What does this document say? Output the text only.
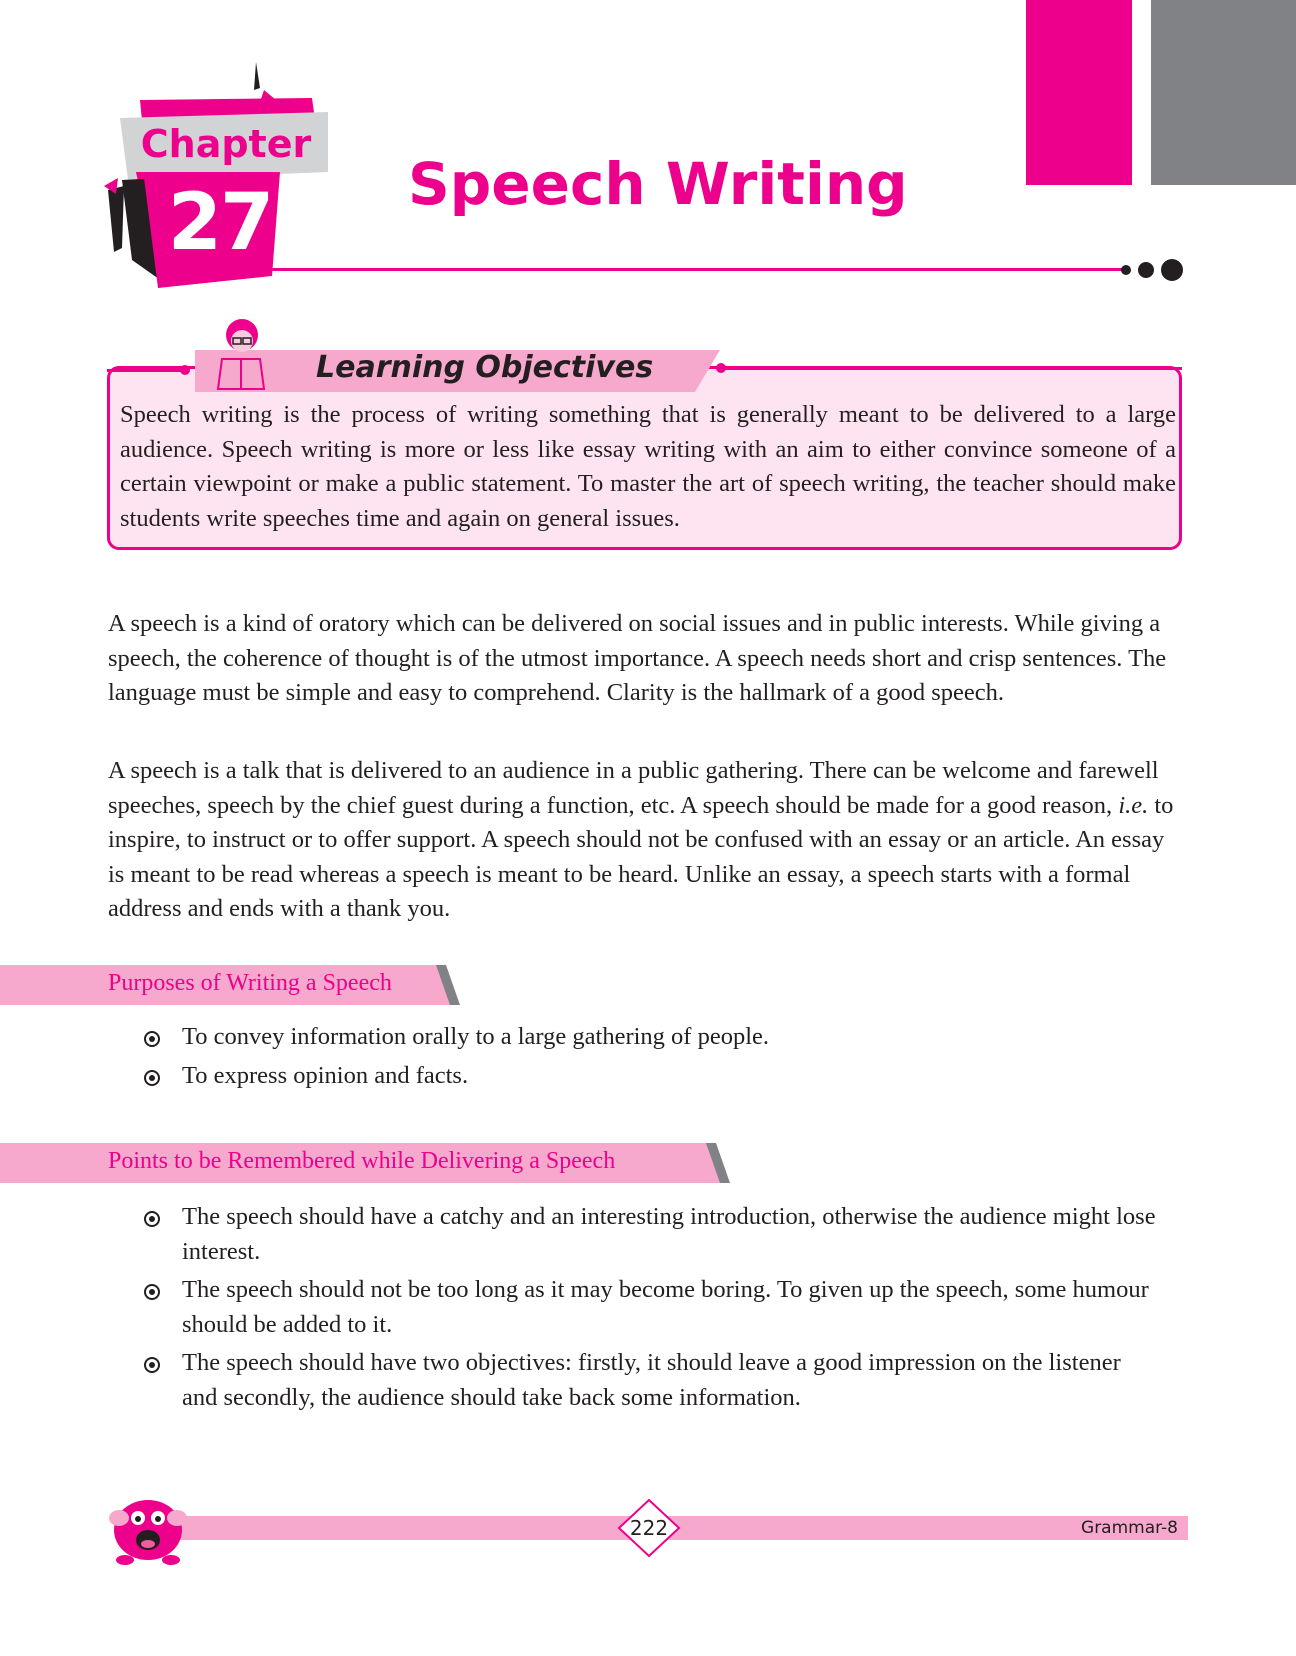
Chapter
27 Speech Writing
Learning Objectives
Speech writing is the process of writing something that is generally meant to be delivered to a large audience. Speech writing is more or less like essay writing with an aim to either convince someone of a certain viewpoint or make a public statement. To master the art of speech writing, the teacher should make students write speeches time and again on general issues.
A speech is a kind of oratory which can be delivered on social issues and in public interests. While giving a speech, the coherence of thought is of the utmost importance. A speech needs short and crisp sentences. The language must be simple and easy to comprehend. Clarity is the hallmark of a good speech.
A speech is a talk that is delivered to an audience in a public gathering. There can be welcome and farewell speeches, speech by the chief guest during a function, etc. A speech should be made for a good reason, i.e. to inspire, to instruct or to offer support. A speech should not be confused with an essay or an article. An essay is meant to be read whereas a speech is meant to be heard. Unlike an essay, a speech starts with a formal address and ends with a thank you.
Purposes of Writing a Speech
To convey information orally to a large gathering of people.
To express opinion and facts.
Points to be Remembered while Delivering a Speech
The speech should have a catchy and an interesting introduction, otherwise the audience might lose interest.
The speech should not be too long as it may become boring. To given up the speech, some humour should be added to it.
The speech should have two objectives: firstly, it should leave a good impression on the listener
and secondly, the audience should take back some information.
222	Grammar-8
